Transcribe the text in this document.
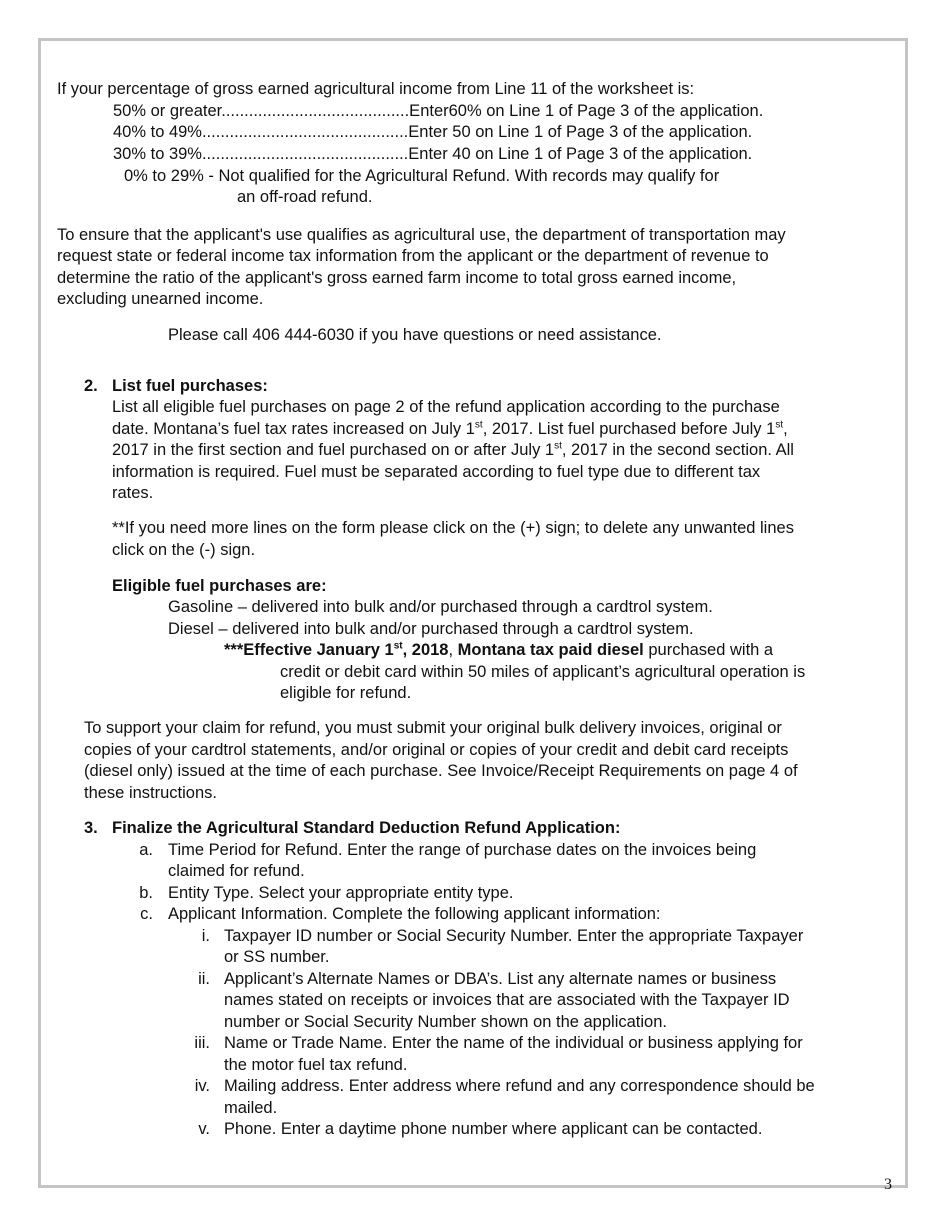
If your percentage of gross earned agricultural income from Line 11 of the worksheet is:
50% or greater.........................................Enter60% on Line 1 of Page 3 of the application.
40% to 49%.............................................Enter 50 on Line 1 of Page 3 of the application.
30% to 39%.............................................Enter 40 on Line 1 of Page 3 of the application.
0% to 29% - Not qualified for the Agricultural Refund. With records may qualify for
an off-road refund.
To ensure that the applicant's use qualifies as agricultural use, the department of transportation may
request state or federal income tax information from the applicant or the department of revenue to
determine the ratio of the applicant's gross earned farm income to total gross earned income,
excluding unearned income.
Please call 406 444-6030 if you have questions or need assistance.
2. List fuel purchases:
List all eligible fuel purchases on page 2 of the refund application according to the purchase
date. Montana’s fuel tax rates increased on July 1st, 2017. List fuel purchased before July 1st,
2017 in the first section and fuel purchased on or after July 1st, 2017 in the second section. All
information is required. Fuel must be separated according to fuel type due to different tax
rates.
**If you need more lines on the form please click on the (+) sign; to delete any unwanted lines
click on the (-) sign.
Eligible fuel purchases are:
Gasoline – delivered into bulk and/or purchased through a cardtrol system.
Diesel – delivered into bulk and/or purchased through a cardtrol system.
***Effective January 1st, 2018, Montana tax paid diesel purchased with a
credit or debit card within 50 miles of applicant’s agricultural operation is
eligible for refund.
To support your claim for refund, you must submit your original bulk delivery invoices, original or
copies of your cardtrol statements, and/or original or copies of your credit and debit card receipts
(diesel only) issued at the time of each purchase. See Invoice/Receipt Requirements on page 4 of
these instructions.
3. Finalize the Agricultural Standard Deduction Refund Application:
a. Time Period for Refund. Enter the range of purchase dates on the invoices being
claimed for refund.
b. Entity Type. Select your appropriate entity type.
c. Applicant Information. Complete the following applicant information:
i. Taxpayer ID number or Social Security Number. Enter the appropriate Taxpayer
or SS number.
ii. Applicant’s Alternate Names or DBA’s. List any alternate names or business
names stated on receipts or invoices that are associated with the Taxpayer ID
number or Social Security Number shown on the application.
iii. Name or Trade Name. Enter the name of the individual or business applying for
the motor fuel tax refund.
iv. Mailing address. Enter address where refund and any correspondence should be
mailed.
v. Phone. Enter a daytime phone number where applicant can be contacted.
3
